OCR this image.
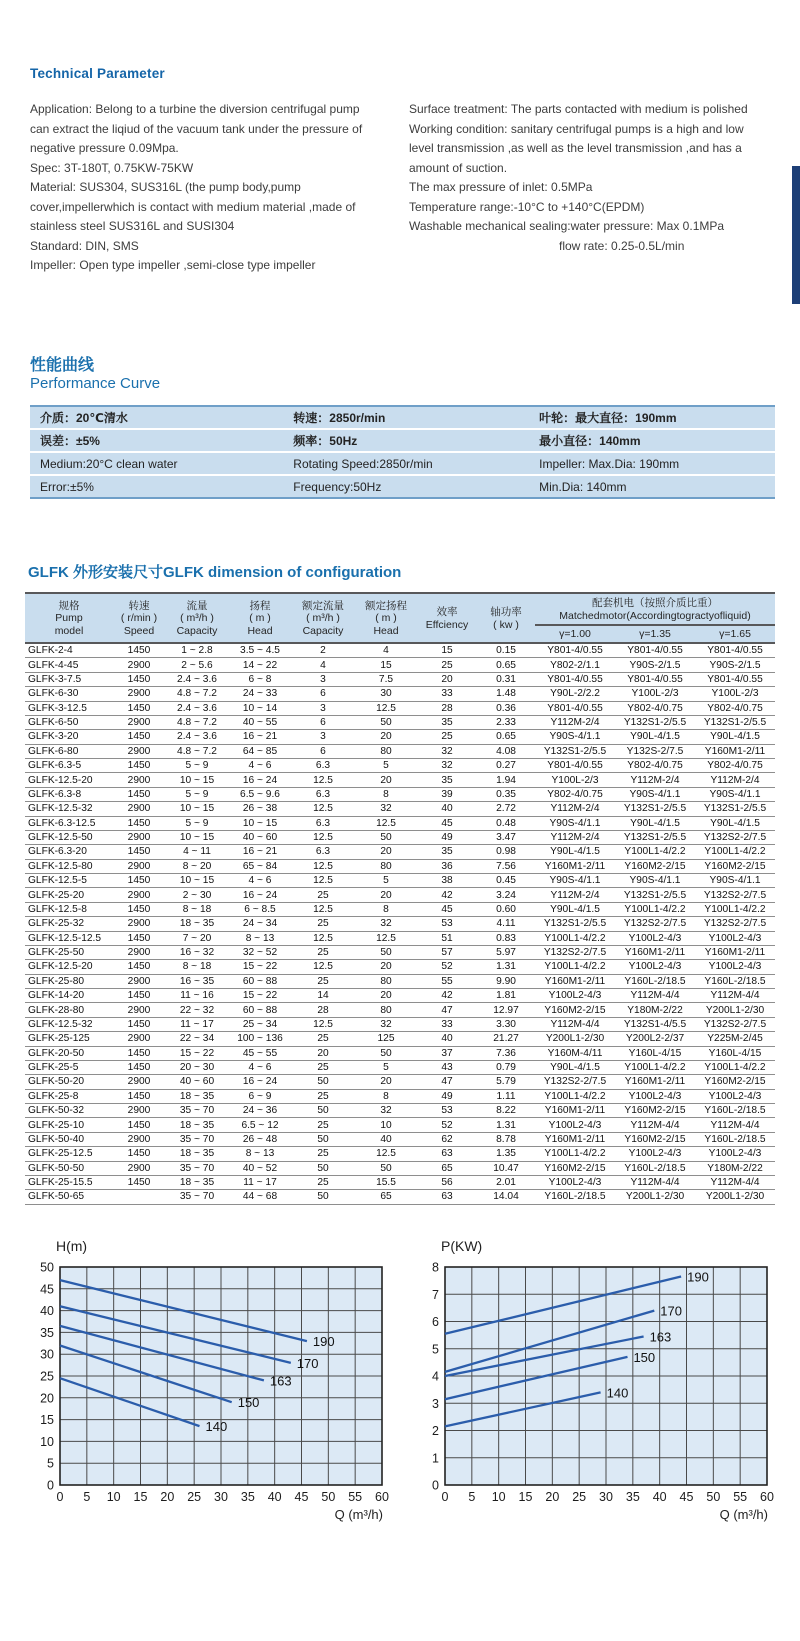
Technical Parameter
Application: Belong to a turbine the diversion centrifugal pump
can extract the liqiud of the vacuum tank under the pressure of
negative pressure 0.09Mpa.
Spec: 3T-180T, 0.75KW-75KW
Material: SUS304, SUS316L (the pump body,pump
cover,impellerwhich is contact with medium material ,made of
stainless steel SUS316L and SUSI304
Standard: DIN, SMS
Impeller: Open type impeller ,semi-close type impeller
Surface treatment: The parts contacted with medium is polished
Working condition: sanitary centrifugal pumps is a high and low
level transmission ,as well as the level transmission ,and has a
amount of suction.
The max pressure of inlet: 0.5MPa
Temperature range:-10°C to +140°C(EPDM)
Washable mechanical sealing:water pressure: Max 0.1MPa
flow rate: 0.25-0.5L/min
性能曲线
Performance Curve
介质：20℃清水	转速：2850r/min	叶轮：最大直径：190mm
误差：±5%	频率：50Hz	最小直径：140mm
Medium:20°C clean water	Rotating Speed:2850r/min	Impeller: Max.Dia: 190mm
Error:±5%	Frequency:50Hz	Min.Dia: 140mm
GLFK 外形安装尺寸GLFK dimension of configuration
规格
Pump
model	转速
( r/min )
Speed	流量
( m³/h )
Capacity	扬程
( m )
Head	额定流量
( m³/h )
Capacity	额定扬程
( m )
Head	效率
Effciency	轴功率
( kw )	配套机电（按照介质比重）
Matchedmotor(Accordingtogractyofliquid)		

								γ=1.00	γ=1.35	γ=1.65
GLFK-2-4	1450	1 ~ 2.8	3.5 ~ 4.5	2	4	15	0.15	Y801-4/0.55	Y801-4/0.55	Y801-4/0.55
GLFK-4-45	2900	2 ~ 5.6	14 ~ 22	4	15	25	0.65	Y802-2/1.1	Y90S-2/1.5	Y90S-2/1.5
GLFK-3-7.5	1450	2.4 ~ 3.6	6 ~ 8	3	7.5	20	0.31	Y801-4/0.55	Y801-4/0.55	Y801-4/0.55
GLFK-6-30	2900	4.8 ~ 7.2	24 ~ 33	6	30	33	1.48	Y90L-2/2.2	Y100L-2/3	Y100L-2/3
GLFK-3-12.5	1450	2.4 ~ 3.6	10 ~ 14	3	12.5	28	0.36	Y801-4/0.55	Y802-4/0.75	Y802-4/0.75
GLFK-6-50	2900	4.8 ~ 7.2	40 ~ 55	6	50	35	2.33	Y112M-2/4	Y132S1-2/5.5	Y132S1-2/5.5
GLFK-3-20	1450	2.4 ~ 3.6	16 ~ 21	3	20	25	0.65	Y90S-4/1.1	Y90L-4/1.5	Y90L-4/1.5
GLFK-6-80	2900	4.8 ~ 7.2	64 ~ 85	6	80	32	4.08	Y132S1-2/5.5	Y132S-2/7.5	Y160M1-2/11
GLFK-6.3-5	1450	5 ~ 9	4 ~ 6	6.3	5	32	0.27	Y801-4/0.55	Y802-4/0.75	Y802-4/0.75
GLFK-12.5-20	2900	10 ~ 15	16 ~ 24	12.5	20	35	1.94	Y100L-2/3	Y112M-2/4	Y112M-2/4
GLFK-6.3-8	1450	5 ~ 9	6.5 ~ 9.6	6.3	8	39	0.35	Y802-4/0.75	Y90S-4/1.1	Y90S-4/1.1
GLFK-12.5-32	2900	10 ~ 15	26 ~ 38	12.5	32	40	2.72	Y112M-2/4	Y132S1-2/5.5	Y132S1-2/5.5
GLFK-6.3-12.5	1450	5 ~ 9	10 ~ 15	6.3	12.5	45	0.48	Y90S-4/1.1	Y90L-4/1.5	Y90L-4/1.5
GLFK-12.5-50	2900	10 ~ 15	40 ~ 60	12.5	50	49	3.47	Y112M-2/4	Y132S1-2/5.5	Y132S2-2/7.5
GLFK-6.3-20	1450	4 ~ 11	16 ~ 21	6.3	20	35	0.98	Y90L-4/1.5	Y100L1-4/2.2	Y100L1-4/2.2
GLFK-12.5-80	2900	8 ~ 20	65 ~ 84	12.5	80	36	7.56	Y160M1-2/11	Y160M2-2/15	Y160M2-2/15
GLFK-12.5-5	1450	10 ~ 15	4 ~ 6	12.5	5	38	0.45	Y90S-4/1.1	Y90S-4/1.1	Y90S-4/1.1
GLFK-25-20	2900	2 ~ 30	16 ~ 24	25	20	42	3.24	Y112M-2/4	Y132S1-2/5.5	Y132S2-2/7.5
GLFK-12.5-8	1450	8 ~ 18	6 ~ 8.5	12.5	8	45	0.60	Y90L-4/1.5	Y100L1-4/2.2	Y100L1-4/2.2
GLFK-25-32	2900	18 ~ 35	24 ~ 34	25	32	53	4.11	Y132S1-2/5.5	Y132S2-2/7.5	Y132S2-2/7.5
GLFK-12.5-12.5	1450	7 ~ 20	8 ~ 13	12.5	12.5	51	0.83	Y100L1-4/2.2	Y100L2-4/3	Y100L2-4/3
GLFK-25-50	2900	16 ~ 32	32 ~ 52	25	50	57	5.97	Y132S2-2/7.5	Y160M1-2/11	Y160M1-2/11
GLFK-12.5-20	1450	8 ~ 18	15 ~ 22	12.5	20	52	1.31	Y100L1-4/2.2	Y100L2-4/3	Y100L2-4/3
GLFK-25-80	2900	16 ~ 35	60 ~ 88	25	80	55	9.90	Y160M1-2/11	Y160L-2/18.5	Y160L-2/18.5
GLFK-14-20	1450	11 ~ 16	15 ~ 22	14	20	42	1.81	Y100L2-4/3	Y112M-4/4	Y112M-4/4
GLFK-28-80	2900	22 ~ 32	60 ~ 88	28	80	47	12.97	Y160M2-2/15	Y180M-2/22	Y200L1-2/30
GLFK-12.5-32	1450	11 ~ 17	25 ~ 34	12.5	32	33	3.30	Y112M-4/4	Y132S1-4/5.5	Y132S2-2/7.5
GLFK-25-125	2900	22 ~ 34	100 ~ 136	25	125	40	21.27	Y200L1-2/30	Y200L2-2/37	Y225M-2/45
GLFK-20-50	1450	15 ~ 22	45 ~ 55	20	50	37	7.36	Y160M-4/11	Y160L-4/15	Y160L-4/15
GLFK-25-5	1450	20 ~ 30	4 ~ 6	25	5	43	0.79	Y90L-4/1.5	Y100L1-4/2.2	Y100L1-4/2.2
GLFK-50-20	2900	40 ~ 60	16 ~ 24	50	20	47	5.79	Y132S2-2/7.5	Y160M1-2/11	Y160M2-2/15
GLFK-25-8	1450	18 ~ 35	6 ~ 9	25	8	49	1.11	Y100L1-4/2.2	Y100L2-4/3	Y100L2-4/3
GLFK-50-32	2900	35 ~ 70	24 ~ 36	50	32	53	8.22	Y160M1-2/11	Y160M2-2/15	Y160L-2/18.5
GLFK-25-10	1450	18 ~ 35	6.5 ~ 12	25	10	52	1.31	Y100L2-4/3	Y112M-4/4	Y112M-4/4
GLFK-50-40	2900	35 ~ 70	26 ~ 48	50	40	62	8.78	Y160M1-2/11	Y160M2-2/15	Y160L-2/18.5
GLFK-25-12.5	1450	18 ~ 35	8 ~ 13	25	12.5	63	1.35	Y100L1-4/2.2	Y100L2-4/3	Y100L2-4/3
GLFK-50-50	2900	35 ~ 70	40 ~ 52	50	50	65	10.47	Y160M2-2/15	Y160L-2/18.5	Y180M-2/22
GLFK-25-15.5	1450	18 ~ 35	11 ~ 17	25	15.5	56	2.01	Y100L2-4/3	Y112M-4/4	Y112M-4/4
GLFK-50-65		35 ~ 70	44 ~ 68	50	65	63	14.04	Y160L-2/18.5	Y200L1-2/30	Y200L1-2/30
H(m)
0 5 10 15 20 25 30 35 40 45 50 55 60
0
5
10
15
20
25
30
35
40
45
50
190
170
163
150
140
Q (m³/h)
P(KW)
0 5 10 15 20 25 30 35 40 45 50 55 60
0
1
2
3
4
5
6
7
8
190
170
163
150
140
Q (m³/h)
